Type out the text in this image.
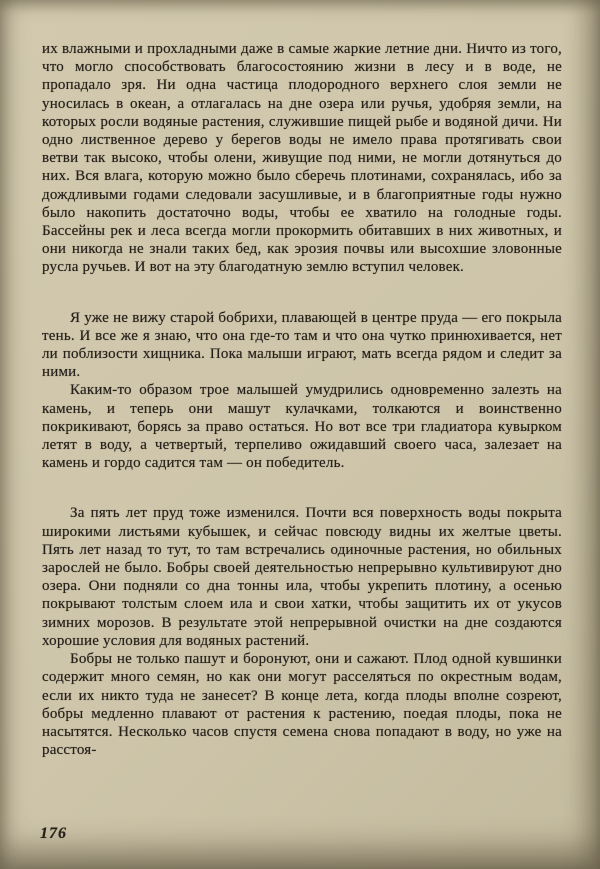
их влажными и прохладными даже в самые жаркие летние дни. Ничто из того, что могло способствовать благосостоянию жизни в лесу и в воде, не пропадало зря. Ни одна частица плодородного верхнего слоя земли не уносилась в океан, а отлагалась на дне озера или ручья, удобряя земли, на которых росли водяные растения, служившие пищей рыбе и водяной дичи. Ни одно лиственное дерево у берегов воды не имело права протягивать свои ветви так высоко, чтобы олени, живущие под ними, не могли дотянуться до них. Вся влага, которую можно было сберечь плотинами, сохранялась, ибо за дождливыми годами следовали засушливые, и в благоприятные годы нужно было накопить достаточно воды, чтобы ее хватило на голодные годы. Бассейны рек и леса всегда могли прокормить обитавших в них животных, и они никогда не знали таких бед, как эрозия почвы или высохшие зловонные русла ручьев. И вот на эту благодатную землю вступил человек.

Я уже не вижу старой бобрихи, плавающей в центре пруда — его покрыла тень. И все же я знаю, что она где-то там и что она чутко принюхивается, нет ли поблизости хищника. Пока малыши играют, мать всегда рядом и следит за ними.

Каким-то образом трое малышей умудрились одновременно залезть на камень, и теперь они машут кулачками, толкаются и воинственно покрикивают, борясь за право остаться. Но вот все три гладиатора кувырком летят в воду, а четвертый, терпеливо ожидавший своего часа, залезает на камень и гордо садится там — он победитель.

За пять лет пруд тоже изменился. Почти вся поверхность воды покрыта широкими листьями кубышек, и сейчас повсюду видны их желтые цветы. Пять лет назад то тут, то там встречались одиночные растения, но обильных зарослей не было. Бобры своей деятельностью непрерывно культивируют дно озера. Они подняли со дна тонны ила, чтобы укрепить плотину, а осенью покрывают толстым слоем ила и свои хатки, чтобы защитить их от укусов зимних морозов. В результате этой непрерывной очистки на дне создаются хорошие условия для водяных растений.

Бобры не только пашут и боронуют, они и сажают. Плод одной кувшинки содержит много семян, но как они могут расселяться по окрестным водам, если их никто туда не занесет? В конце лета, когда плоды вполне созреют, бобры медленно плавают от растения к растению, поедая плоды, пока не насытятся. Несколько часов спустя семена снова попадают в воду, но уже на расстоя-

176
